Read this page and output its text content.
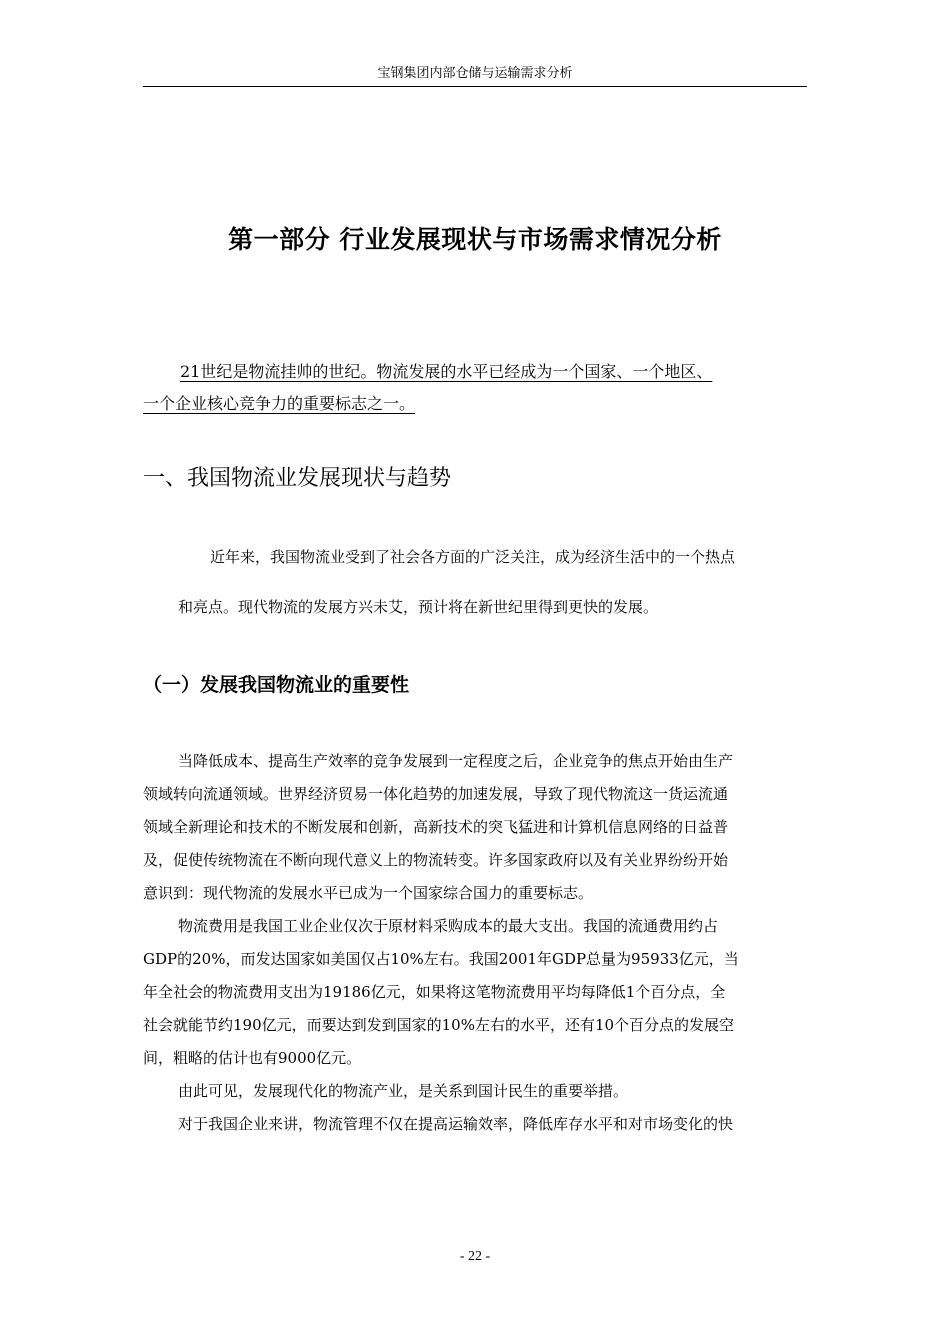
宝钢集团内部仓储与运输需求分析
第一部分 行业发展现状与市场需求情况分析
21世纪是物流挂帅的世纪。物流发展的水平已经成为一个国家、一个地区、
一个企业核心竞争力的重要标志之一。
一、我国物流业发展现状与趋势
近年来，我国物流业受到了社会各方面的广泛关注，成为经济生活中的一个热点
和亮点。现代物流的发展方兴未艾，预计将在新世纪里得到更快的发展。
（一）发展我国物流业的重要性
当降低成本、提高生产效率的竞争发展到一定程度之后，企业竞争的焦点开始由生产
领域转向流通领域。世界经济贸易一体化趋势的加速发展，导致了现代物流这一货运流通
领域全新理论和技术的不断发展和创新，高新技术的突飞猛进和计算机信息网络的日益普
及，促使传统物流在不断向现代意义上的物流转变。许多国家政府以及有关业界纷纷开始
意识到：现代物流的发展水平已成为一个国家综合国力的重要标志。
物流费用是我国工业企业仅次于原材料采购成本的最大支出。我国的流通费用约占
GDP的20%，而发达国家如美国仅占10%左右。我国2001年GDP总量为95933亿元，当
年全社会的物流费用支出为19186亿元，如果将这笔物流费用平均每降低1个百分点，全
社会就能节约190亿元，而要达到发到国家的10%左右的水平，还有10个百分点的发展空
间，粗略的估计也有9000亿元。
由此可见，发展现代化的物流产业，是关系到国计民生的重要举措。
对于我国企业来讲，物流管理不仅在提高运输效率，降低库存水平和对市场变化的快
- 22 -
